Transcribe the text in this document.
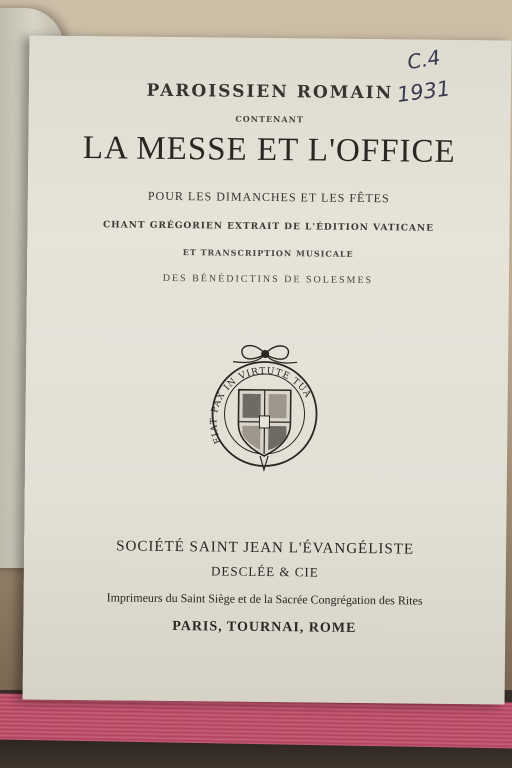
PAROISSIEN ROMAIN
CONTENANT
LA MESSE ET L'OFFICE
POUR LES DIMANCHES ET LES FÊTES
CHANT GRÉGORIEN EXTRAIT DE L'ÉDITION VATICANE
ET TRANSCRIPTION MUSICALE
DES BÉNÉDICTINS DE SOLESMES
FIAT PAX IN VIRTUTE TUA
SOCIÉTÉ SAINT JEAN L'ÉVANGÉLISTE
DESCLÉE & CIE
Imprimeurs du Saint Siège et de la Sacrée Congrégation des Rites
PARIS, TOURNAI, ROME
C.4
1931
